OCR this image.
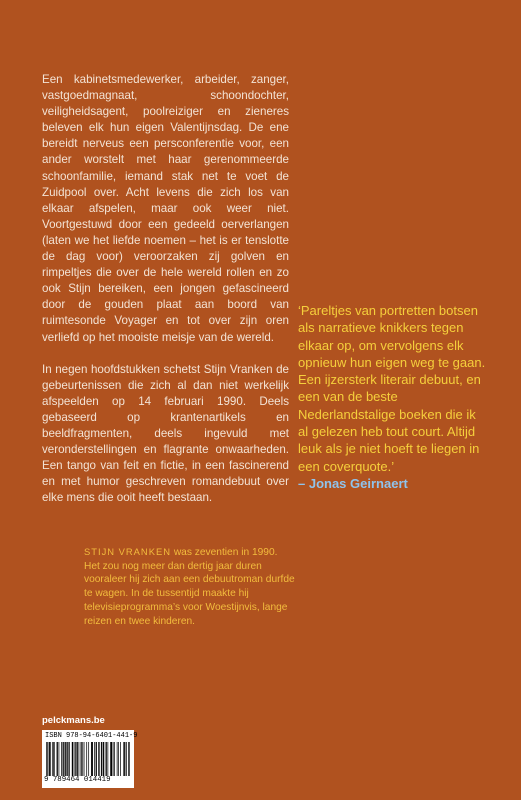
Een kabinetsmedewerker, arbeider, zanger, vastgoedmagnaat, schoondochter, veiligheidsagent, poolreiziger en zieneres beleven elk hun eigen Valentijnsdag. De ene bereidt nerveus een persconferentie voor, een ander worstelt met haar gerenommeerde schoonfamilie, iemand stak net te voet de Zuidpool over. Acht levens die zich los van elkaar afspelen, maar ook weer niet. Voortgestuwd door een gedeeld oerverlangen (laten we het liefde noemen – het is er tenslotte de dag voor) veroorzaken zij golven en rimpeltjes die over de hele wereld rollen en zo ook Stijn bereiken, een jongen gefascineerd door de gouden plaat aan boord van ruimtesonde Voyager en tot over zijn oren verliefd op het mooiste meisje van de wereld.

In negen hoofdstukken schetst Stijn Vranken de gebeurtenissen die zich al dan niet werkelijk afspeelden op 14 februari 1990. Deels gebaseerd op krantenartikels en beeldfragmenten, deels ingevuld met veronderstellingen en flagrante onwaarheden. Een tango van feit en fictie, in een fascinerend en met humor geschreven romandebuut over elke mens die ooit heeft bestaan.

STIJN VRANKEN was zeventien in 1990. Het zou nog meer dan dertig jaar duren vooraleer hij zich aan een debuutroman durfde te wagen. In de tussentijd maakte hij televisieprogramma’s voor Woestijnvis, lange reizen en twee kinderen.
‘Pareltjes van portretten botsen als narratieve knikkers tegen elkaar op, om vervolgens elk opnieuw hun eigen weg te gaan. Een ijzersterk literair debuut, en een van de beste Nederlandstalige boeken die ik al gelezen heb tout court. Altijd leuk als je niet hoeft te liegen in een coverquote.’
– Jonas Geirnaert
pelckmans.be
ISBN 978-94-6401-441-9
9 789464 014419
